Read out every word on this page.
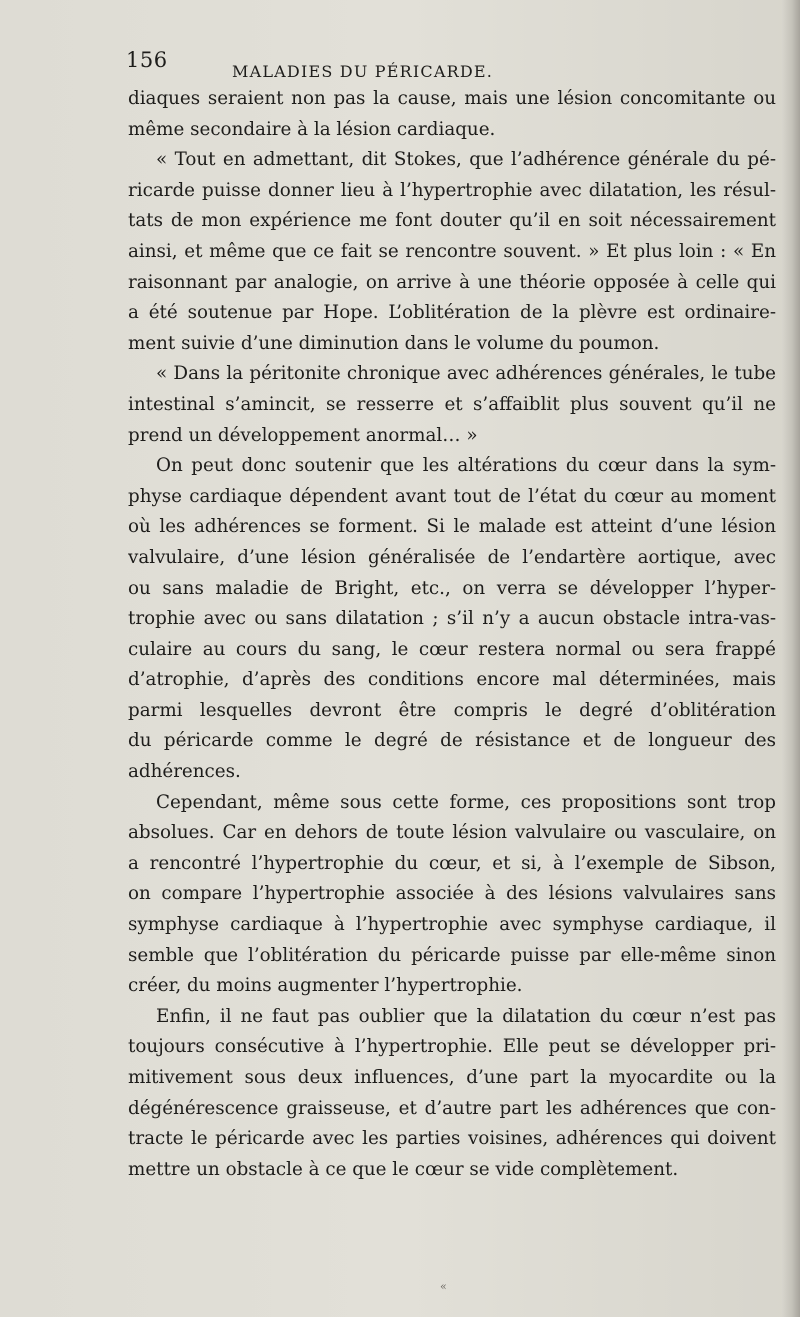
156	MALADIES DU PÉRICARDE.
diaques seraient non pas la cause, mais une lésion concomitante ou
même secondaire à la lésion cardiaque.
« Tout en admettant, dit Stokes, que l’adhérence générale du pé-
ricarde puisse donner lieu à l’hypertrophie avec dilatation, les résul-
tats de mon expérience me font douter qu’il en soit nécessairement
ainsi, et même que ce fait se rencontre souvent. » Et plus loin : « En
raisonnant par analogie, on arrive à une théorie opposée à celle qui
a été soutenue par Hope. L’oblitération de la plèvre est ordinaire-
ment suivie d’une diminution dans le volume du poumon.
« Dans la péritonite chronique avec adhérences générales, le tube
intestinal s’amincit, se resserre et s’affaiblit plus souvent qu’il ne
prend un développement anormal… »
On peut donc soutenir que les altérations du cœur dans la sym-
physe cardiaque dépendent avant tout de l’état du cœur au moment
où les adhérences se forment. Si le malade est atteint d’une lésion
valvulaire, d’une lésion généralisée de l’endartère aortique, avec
ou sans maladie de Bright, etc., on verra se développer l’hyper-
trophie avec ou sans dilatation ; s’il n’y a aucun obstacle intra-vas-
culaire au cours du sang, le cœur restera normal ou sera frappé
d’atrophie, d’après des conditions encore mal déterminées, mais
parmi lesquelles devront être compris le degré d’oblitération
du péricarde comme le degré de résistance et de longueur des
adhérences.
Cependant, même sous cette forme, ces propositions sont trop
absolues. Car en dehors de toute lésion valvulaire ou vasculaire, on
a rencontré l’hypertrophie du cœur, et si, à l’exemple de Sibson,
on compare l’hypertrophie associée à des lésions valvulaires sans
symphyse cardiaque à l’hypertrophie avec symphyse cardiaque, il
semble que l’oblitération du péricarde puisse par elle-même sinon
créer, du moins augmenter l’hypertrophie.
Enfin, il ne faut pas oublier que la dilatation du cœur n’est pas
toujours consécutive à l’hypertrophie. Elle peut se développer pri-
mitivement sous deux influences, d’une part la myocardite ou la
dégénérescence graisseuse, et d’autre part les adhérences que con-
tracte le péricarde avec les parties voisines, adhérences qui doivent
mettre un obstacle à ce que le cœur se vide complètement.
«
